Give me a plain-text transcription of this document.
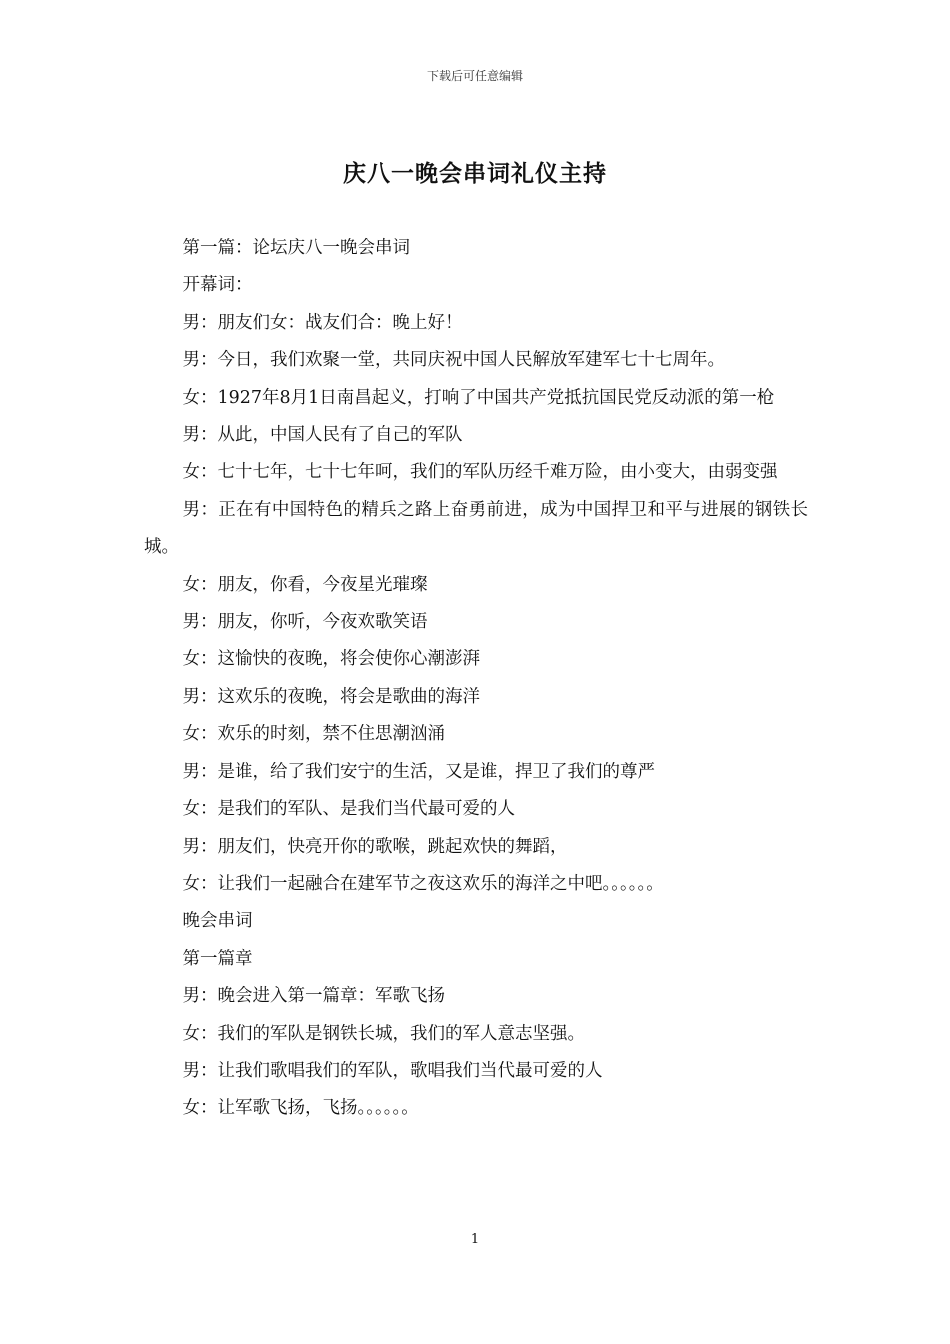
下载后可任意编辑
庆八一晚会串词礼仪主持

第一篇：论坛庆八一晚会串词

开幕词：

男：朋友们女：战友们合：晚上好！

男：今日，我们欢聚一堂，共同庆祝中国人民解放军建军七十七周年。

女：1927年8月1日南昌起义，打响了中国共产党抵抗国民党反动派的第一枪

男：从此，中国人民有了自己的军队

女：七十七年，七十七年呵，我们的军队历经千难万险，由小变大，由弱变强

男：正在有中国特色的精兵之路上奋勇前进，成为中国捍卫和平与进展的钢铁长城。

女：朋友，你看，今夜星光璀璨

男：朋友，你听，今夜欢歌笑语

女：这愉快的夜晚，将会使你心潮澎湃

男：这欢乐的夜晚，将会是歌曲的海洋

女：欢乐的时刻，禁不住思潮汹涌

男：是谁，给了我们安宁的生活，又是谁，捍卫了我们的尊严

女：是我们的军队、是我们当代最可爱的人

男：朋友们，快亮开你的歌喉，跳起欢快的舞蹈，

女：让我们一起融合在建军节之夜这欢乐的海洋之中吧。。。。。。

晚会串词

第一篇章

男：晚会进入第一篇章：军歌飞扬

女：我们的军队是钢铁长城，我们的军人意志坚强。

男：让我们歌唱我们的军队，歌唱我们当代最可爱的人

女：让军歌飞扬，飞扬。。。。。。

1
